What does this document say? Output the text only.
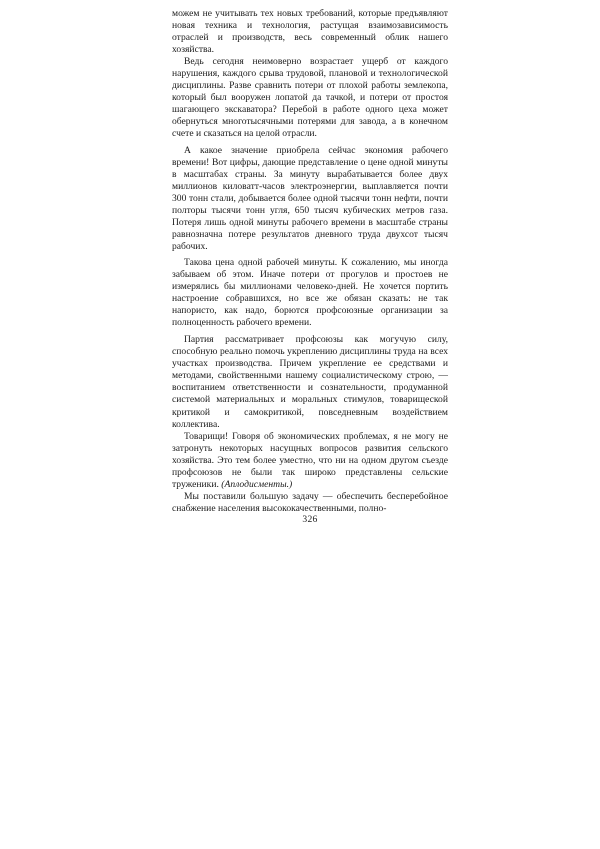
можем не учитывать тех новых требований, которые предъявляют новая техника и технология, растущая взаимозависимость отраслей и производств, весь современный облик нашего хозяйства.

Ведь сегодня неимоверно возрастает ущерб от каждого нарушения, каждого срыва трудовой, плановой и технологической дисциплины. Разве сравнить потери от плохой работы землекопа, который был вооружен лопатой да тачкой, и потери от простоя шагающего экскаватора? Перебой в работе одного цеха может обернуться многотысячными потерями для завода, а в конечном счете и сказаться на целой отрасли.

А какое значение приобрела сейчас экономия рабочего времени! Вот цифры, дающие представление о цене одной минуты в масштабах страны. За минуту вырабатывается более двух миллионов киловатт-часов электроэнергии, выплавляется почти 300 тонн стали, добывается более одной тысячи тонн нефти, почти полторы тысячи тонн угля, 650 тысяч кубических метров газа. Потеря лишь одной минуты рабочего времени в масштабе страны равнозначна потере результатов дневного труда двухсот тысяч рабочих.

Такова цена одной рабочей минуты. К сожалению, мы иногда забываем об этом. Иначе потери от прогулов и простоев не измерялись бы миллионами человеко-дней. Не хочется портить настроение собравшихся, но все же обязан сказать: не так напористо, как надо, борются профсоюзные организации за полноценность рабочего времени.

Партия рассматривает профсоюзы как могучую силу, способную реально помочь укреплению дисциплины труда на всех участках производства. Причем укрепление ее средствами и методами, свойственными нашему социалистическому строю, — воспитанием ответственности и сознательности, продуманной системой материальных и моральных стимулов, товарищеской критикой и самокритикой, повседневным воздействием коллектива.

Товарищи! Говоря об экономических проблемах, я не могу не затронуть некоторых насущных вопросов развития сельского хозяйства. Это тем более уместно, что ни на одном другом съезде профсоюзов не были так широко представлены сельские труженики. (Аплодисменты.)

Мы поставили большую задачу — обеспечить бесперебойное снабжение населения высококачественными, полно-

326
